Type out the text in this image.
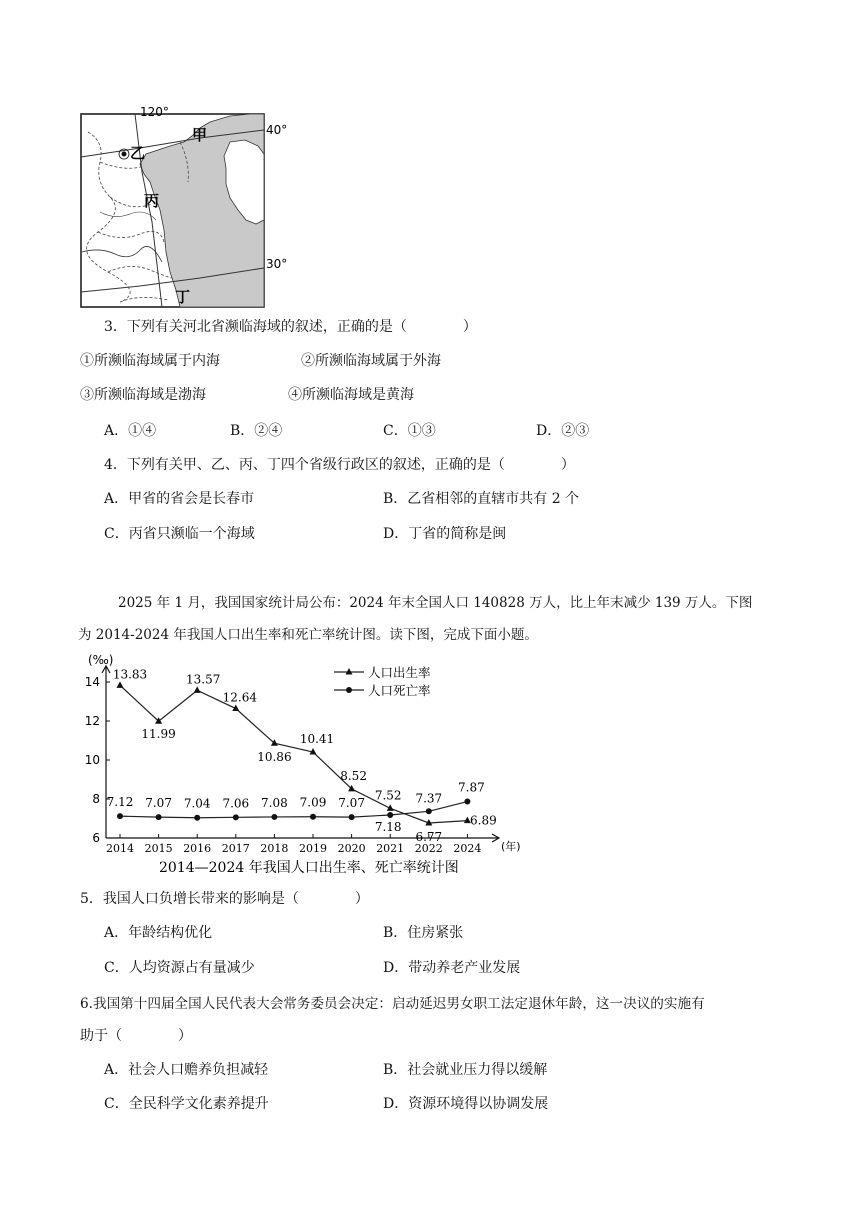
120°
40°
30°
甲
乙
丙
丁
3．下列有关河北省濒临海域的叙述，正确的是（　　　　）
①所濒临海域属于内海	②所濒临海域属于外海
③所濒临海域是渤海	④所濒临海域是黄海
A．①④	B．②④	C．①③	D．②③
4．下列有关甲、乙、丙、丁四个省级行政区的叙述，正确的是（　　　　）
A．甲省的省会是长春市	B．乙省相邻的直辖市共有 2 个
C．丙省只濒临一个海域	D．丁省的简称是闽
2025 年 1 月，我国国家统计局公布：2024 年末全国人口 140828 万人，比上年末减少 139 万人。下图
为 2014-2024 年我国人口出生率和死亡率统计图。读下图，完成下面小题。
(‰)
(年)
6
8
10
12
14
2014 2015 2016 2017 2018 2019 2020 2021 2022 2024
13.83
11.99
13.57
12.64
10.86
10.41
8.52
7.52
6.77
6.89
7.12 7.07 7.04 7.06 7.08 7.09 7.07
7.18
7.37
7.87
人口出生率
人口死亡率
2014—2024 年我国人口出生率、死亡率统计图
5．我国人口负增长带来的影响是（　　　　）
A．年龄结构优化	B．住房紧张
C．人均资源占有量减少	D．带动养老产业发展
6.我国第十四届全国人民代表大会常务委员会决定：启动延迟男女职工法定退休年龄，这一决议的实施有
助于（　　　　）
A．社会人口赡养负担减轻	B．社会就业压力得以缓解
C．全民科学文化素养提升	D．资源环境得以协调发展
